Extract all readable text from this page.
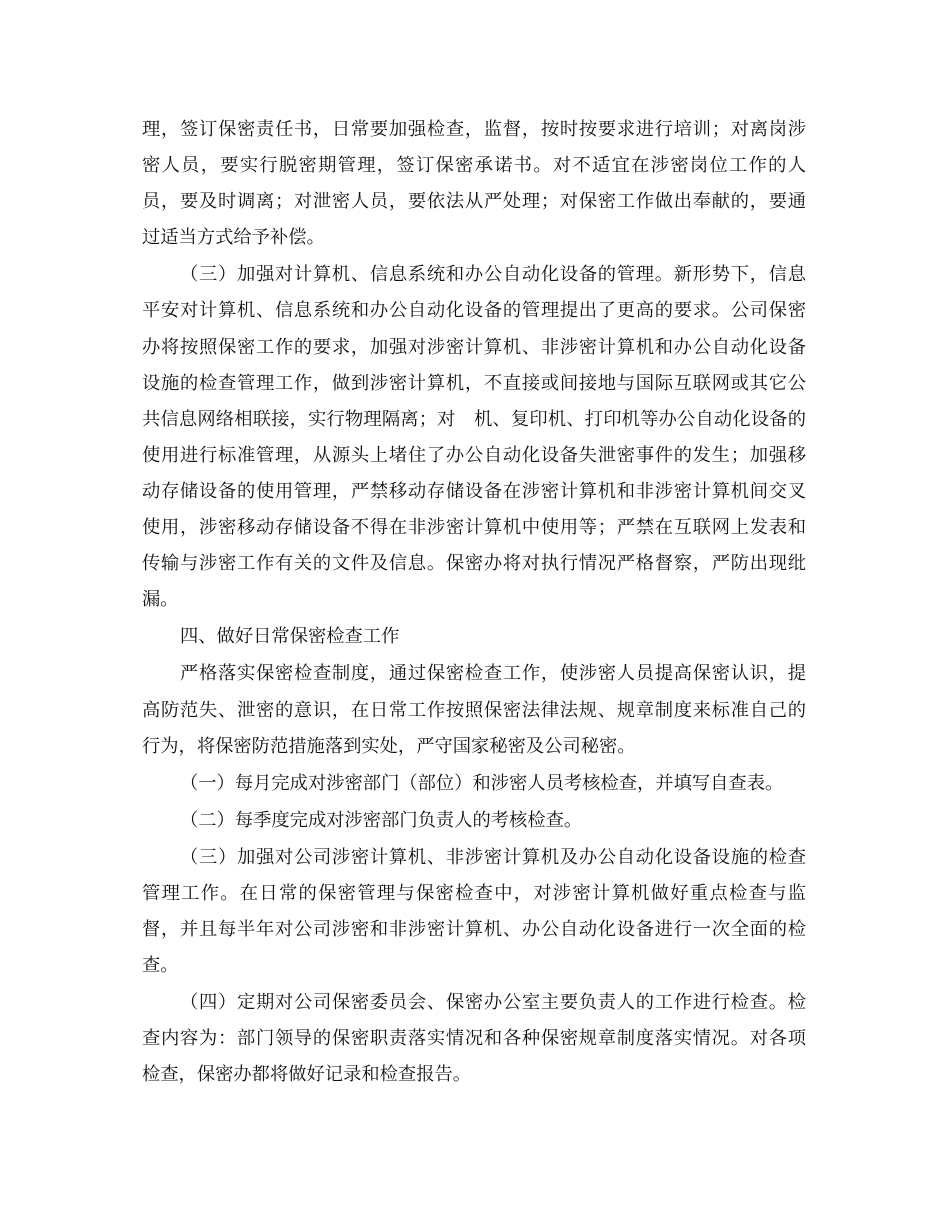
理，签订保密责任书，日常要加强检查，监督，按时按要求进行培训；对离岗涉
密人员，要实行脱密期管理，签订保密承诺书。对不适宜在涉密岗位工作的人
员，要及时调离；对泄密人员，要依法从严处理；对保密工作做出奉献的，要通
过适当方式给予补偿。
（三）加强对计算机、信息系统和办公自动化设备的管理。新形势下，信息
平安对计算机、信息系统和办公自动化设备的管理提出了更高的要求。公司保密
办将按照保密工作的要求，加强对涉密计算机、非涉密计算机和办公自动化设备
设施的检查管理工作，做到涉密计算机，不直接或间接地与国际互联网或其它公
共信息网络相联接，实行物理隔离；对　机、复印机、打印机等办公自动化设备的
使用进行标准管理，从源头上堵住了办公自动化设备失泄密事件的发生；加强移
动存储设备的使用管理，严禁移动存储设备在涉密计算机和非涉密计算机间交叉
使用，涉密移动存储设备不得在非涉密计算机中使用等；严禁在互联网上发表和
传输与涉密工作有关的文件及信息。保密办将对执行情况严格督察，严防出现纰
漏。
四、做好日常保密检查工作
严格落实保密检查制度，通过保密检查工作，使涉密人员提高保密认识，提
高防范失、泄密的意识，在日常工作按照保密法律法规、规章制度来标准自己的
行为，将保密防范措施落到实处，严守国家秘密及公司秘密。
（一）每月完成对涉密部门（部位）和涉密人员考核检查，并填写自查表。
（二）每季度完成对涉密部门负责人的考核检查。
（三）加强对公司涉密计算机、非涉密计算机及办公自动化设备设施的检查
管理工作。在日常的保密管理与保密检查中，对涉密计算机做好重点检查与监
督，并且每半年对公司涉密和非涉密计算机、办公自动化设备进行一次全面的检
查。
（四）定期对公司保密委员会、保密办公室主要负责人的工作进行检查。检
查内容为：部门领导的保密职责落实情况和各种保密规章制度落实情况。对各项
检查，保密办都将做好记录和检查报告。
